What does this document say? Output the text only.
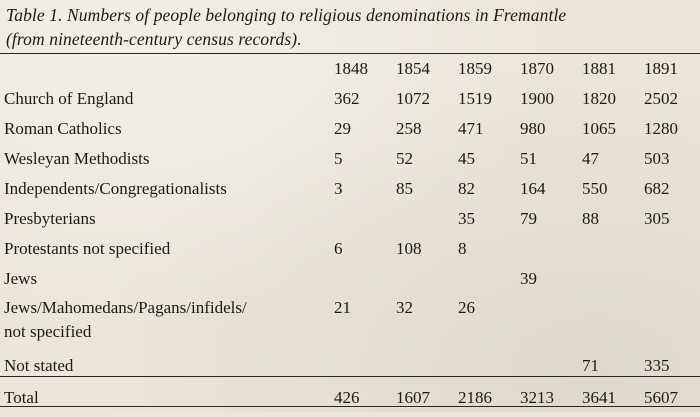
Table 1. Numbers of people belonging to religious denominations in Fremantle
(from nineteenth-century census records).
	1848	1854	1859	1870	1881	1891
Church of England	362	1072	1519	1900	1820	2502
Roman Catholics	29	258	471	980	1065	1280
Wesleyan Methodists	5	52	45	51	47	503
Independents/Congregationalists	3	85	82	164	550	682
Presbyterians			35	79	88	305
Protestants not specified	6	108	8			
Jews				39		

Jews/Mahomedans/Pagans/infidels/
not specified	21	32	26			
Not stated					71	335
Total	426	1607	2186	3213	3641	5607
